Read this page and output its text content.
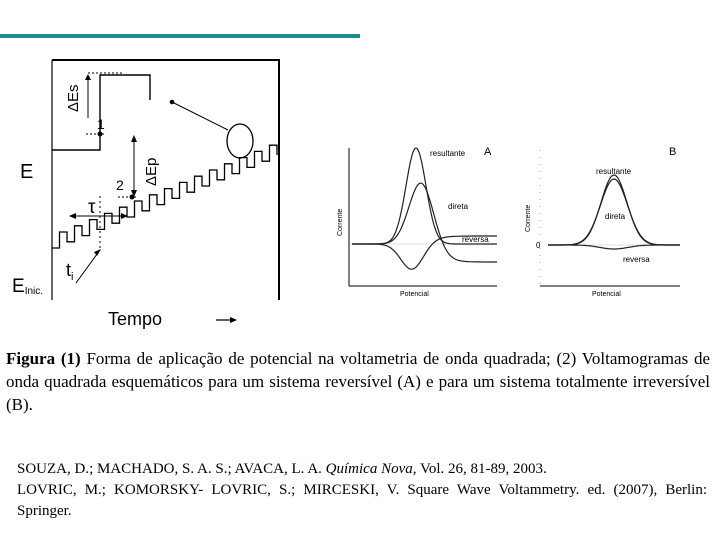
E
ΔEs
ΔEp
1
2
τ
$t_i$
EInic.
Tempo
A
resultante
direta
reversa
Corrente
Potencial
B
resultante
direta
reversa
0
Corrente
Potencial
Figura (1) Forma de aplicação de potencial na voltametria de onda quadrada; (2) Voltamogramas de onda quadrada esquemáticos para um sistema reversível (A) e para um sistema totalmente irreversível (B).

SOUZA, D.; MACHADO, S. A. S.; AVACA, L. A. Química Nova, Vol. 26, 81-89, 2003.

LOVRIC, M.; KOMORSKY- LOVRIC, S.; MIRCESKI, V. Square Wave Voltammetry. ed. (2007), Berlin: Springer.
